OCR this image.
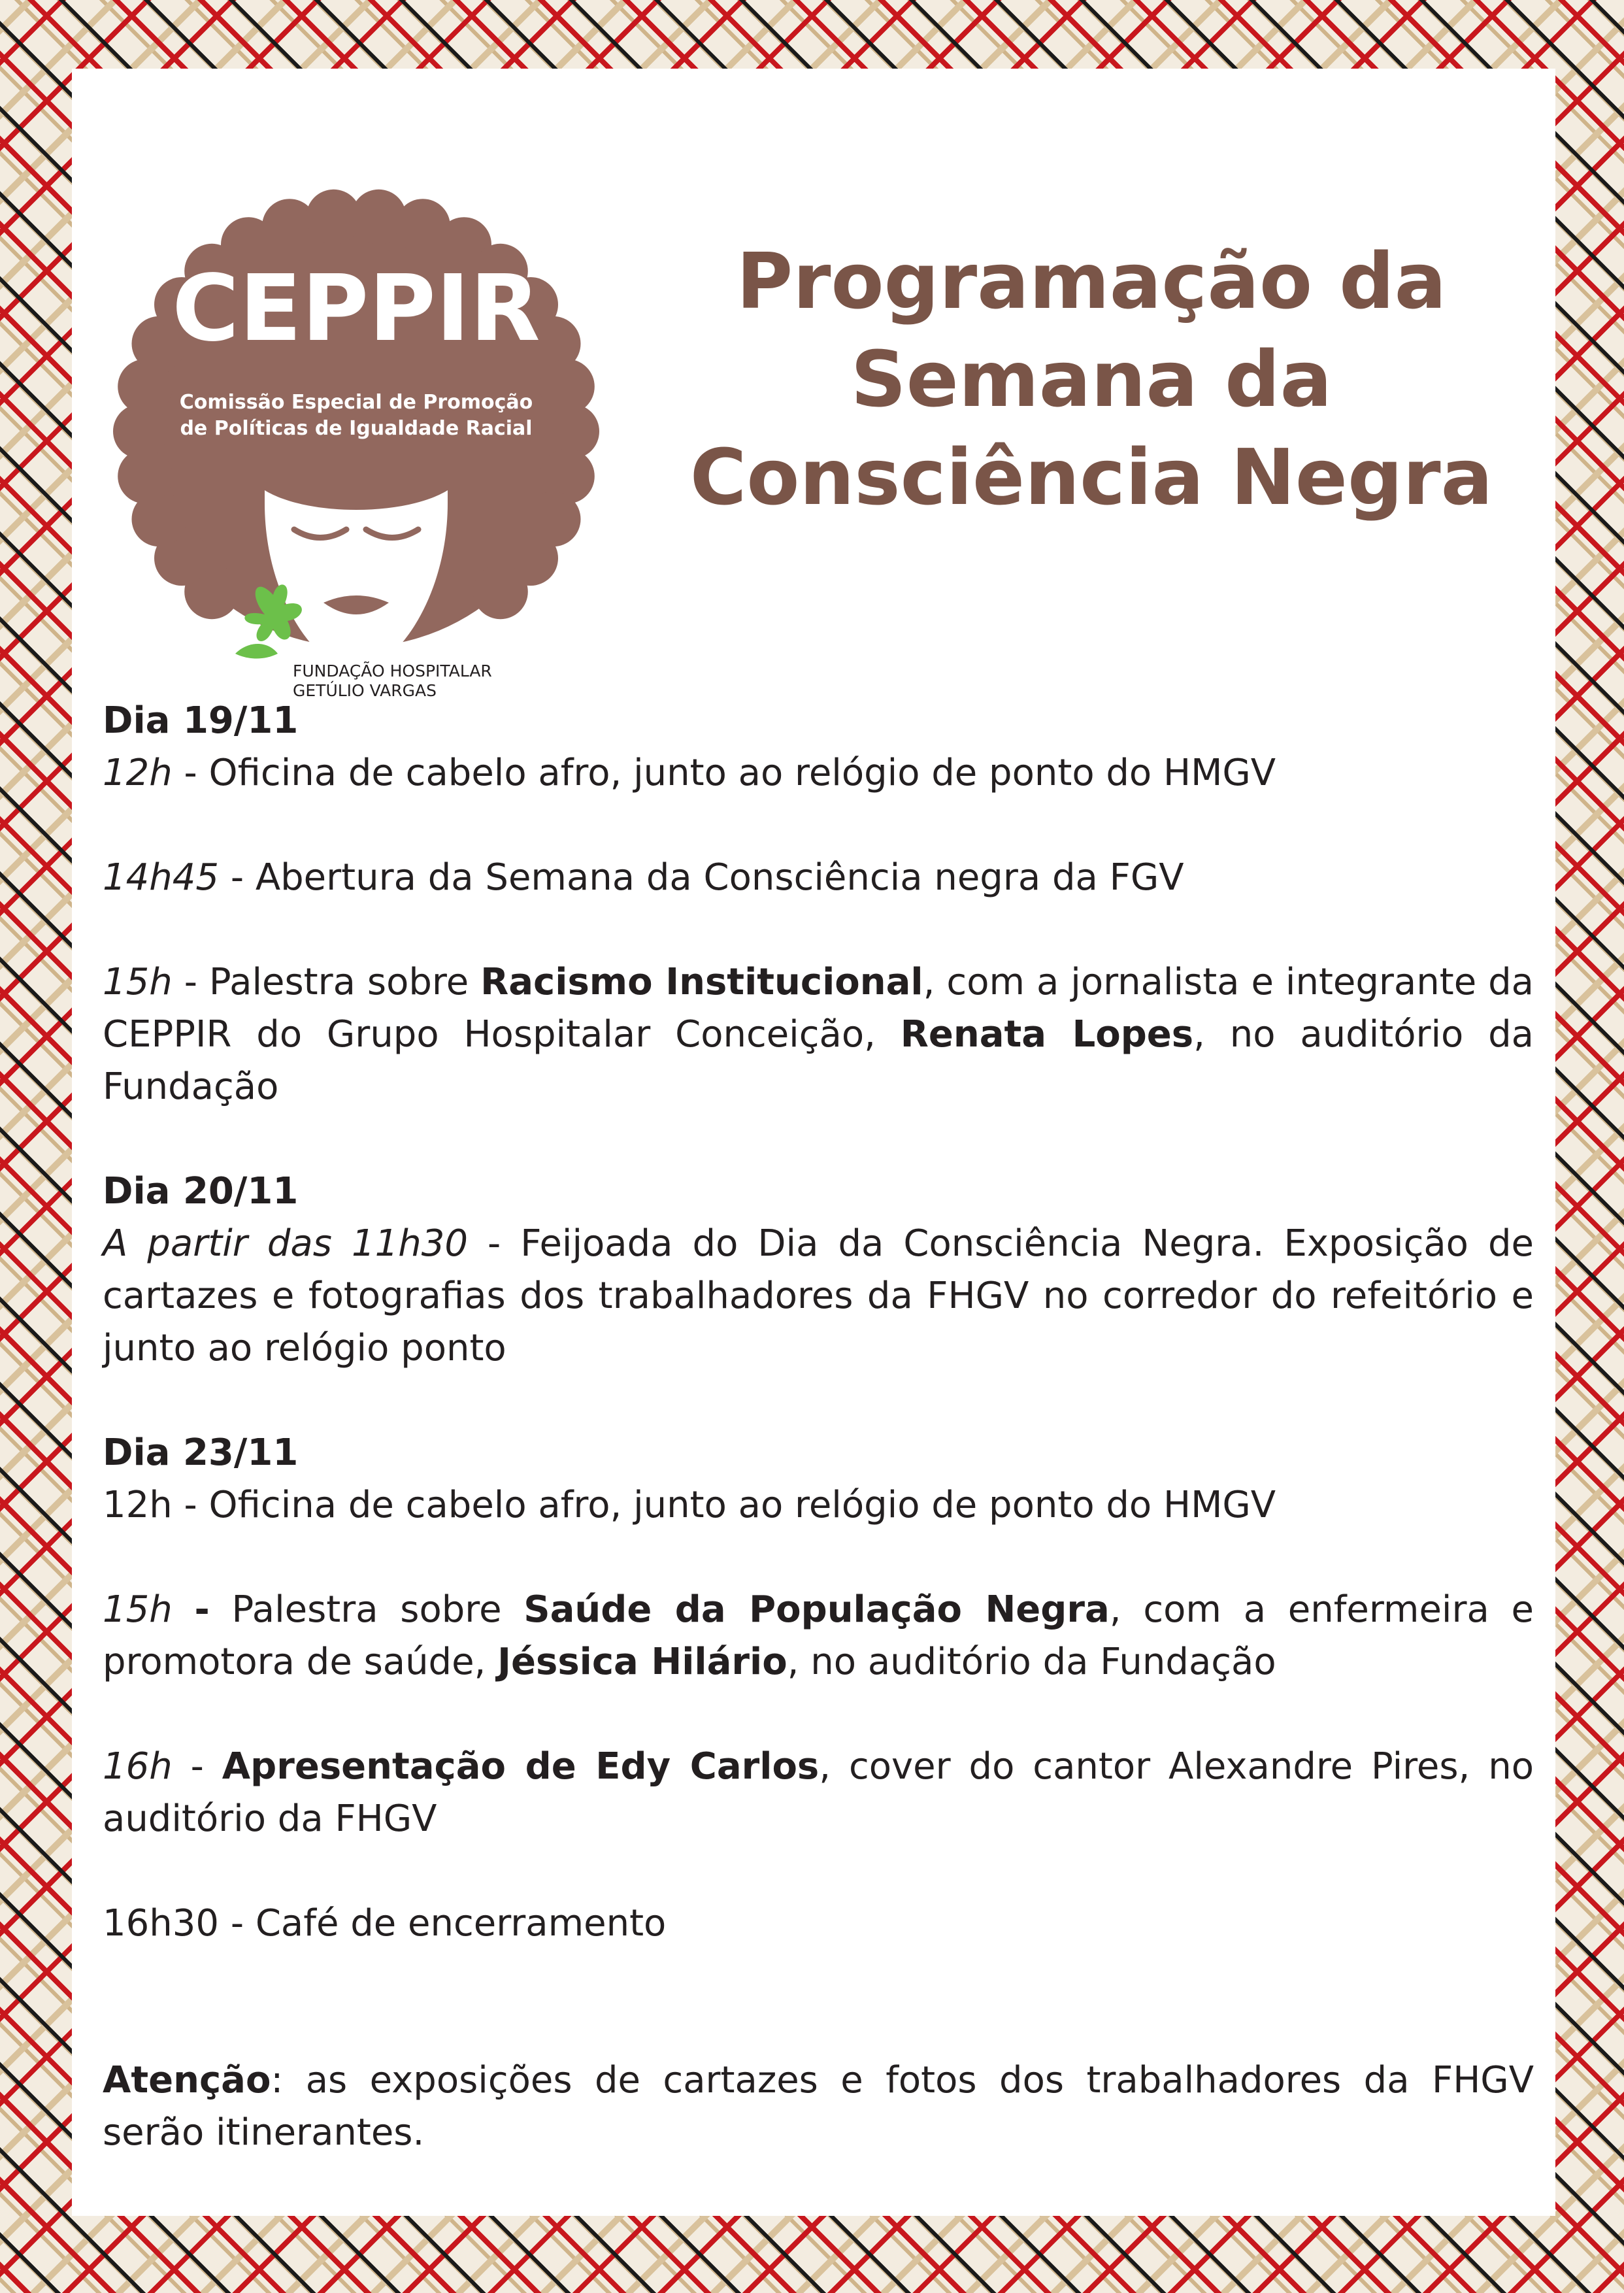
CEPPIR
Comissão Especial de Promoção
de Políticas de Igualdade Racial
FUNDAÇÃO HOSPITALAR
GETÚLIO VARGAS
Programação da
Semana da
Consciência Negra
Dia 19/11

12h - Oficina de cabelo afro, junto ao relógio de ponto do HMGV

14h45 - Abertura da Semana da Consciência negra da FGV

15h - Palestra sobre Racismo Institucional, com a jornalista e integrante da CEPPIR do Grupo Hospitalar Conceição, Renata Lopes, no auditório da Fundação

Dia 20/11

A partir das 11h30 - Feijoada do Dia da Consciência Negra. Exposição de cartazes e fotografias dos trabalhadores da FHGV no corredor do refeitório e junto ao relógio ponto

Dia 23/11

12h - Oficina de cabelo afro, junto ao relógio de ponto do HMGV

15h - Palestra sobre Saúde da População Negra, com a enfermeira e promotora de saúde, Jéssica Hilário, no auditório da Fundação

16h - Apresentação de Edy Carlos, cover do cantor Alexandre Pires, no auditório da FHGV

16h30 - Café de encerramento

Atenção: as exposições de cartazes e fotos dos trabalhadores da FHGV serão itinerantes.
